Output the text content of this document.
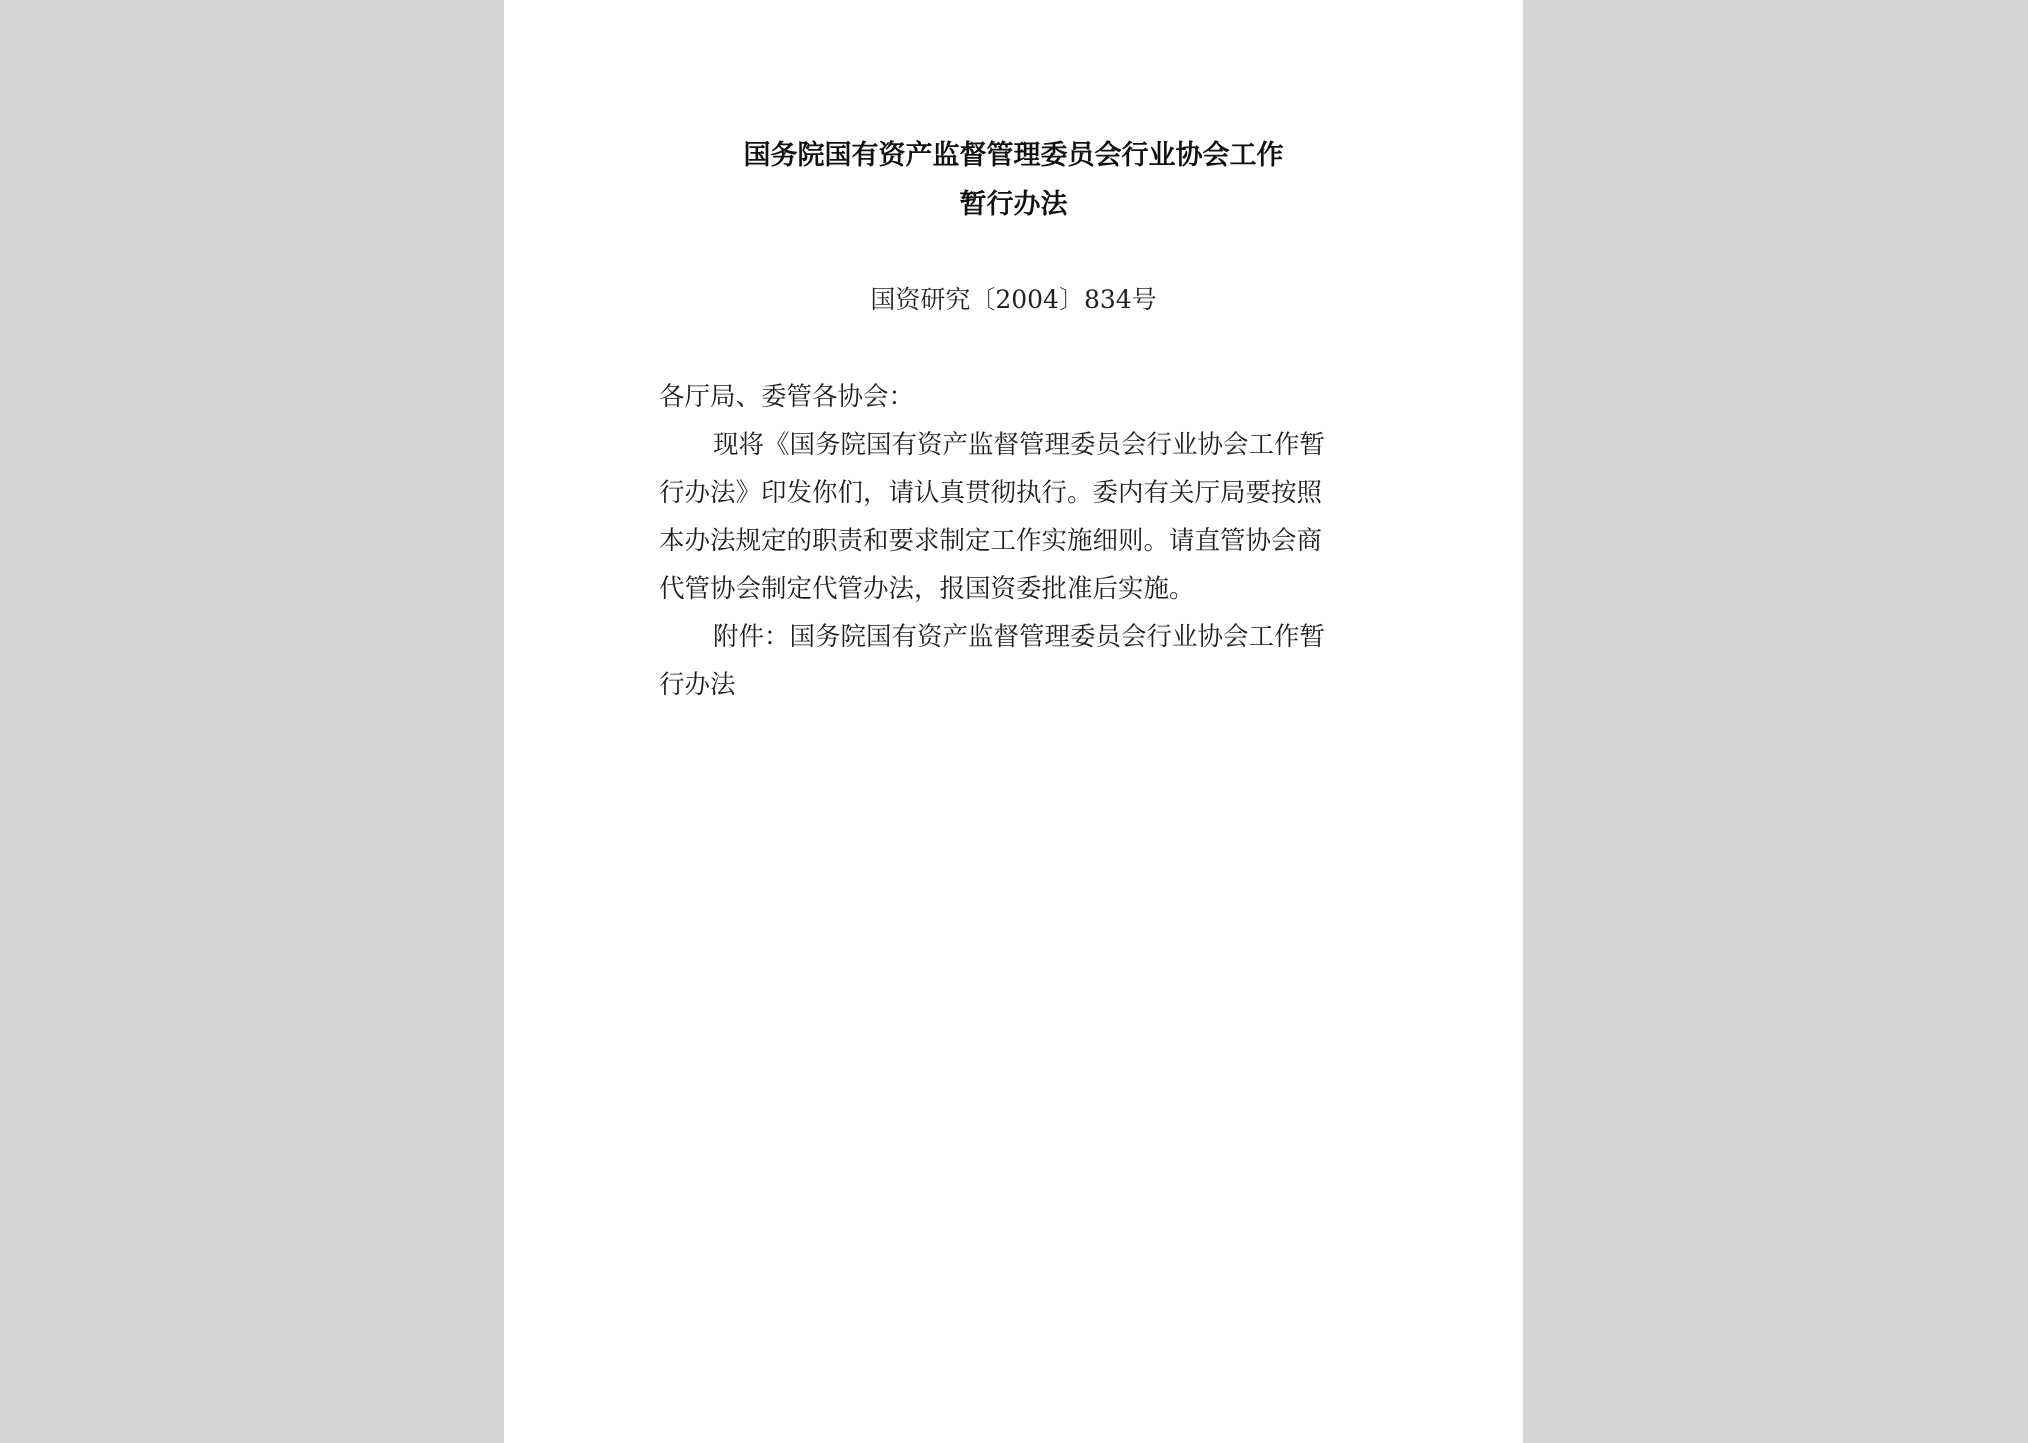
国务院国有资产监督管理委员会行业协会工作
暂行办法
国资研究〔2004〕834号
各厅局、委管各协会：
现将《国务院国有资产监督管理委员会行业协会工作暂
行办法》印发你们，请认真贯彻执行。委内有关厅局要按照
本办法规定的职责和要求制定工作实施细则。请直管协会商
代管协会制定代管办法，报国资委批准后实施。
附件：国务院国有资产监督管理委员会行业协会工作暂
行办法
